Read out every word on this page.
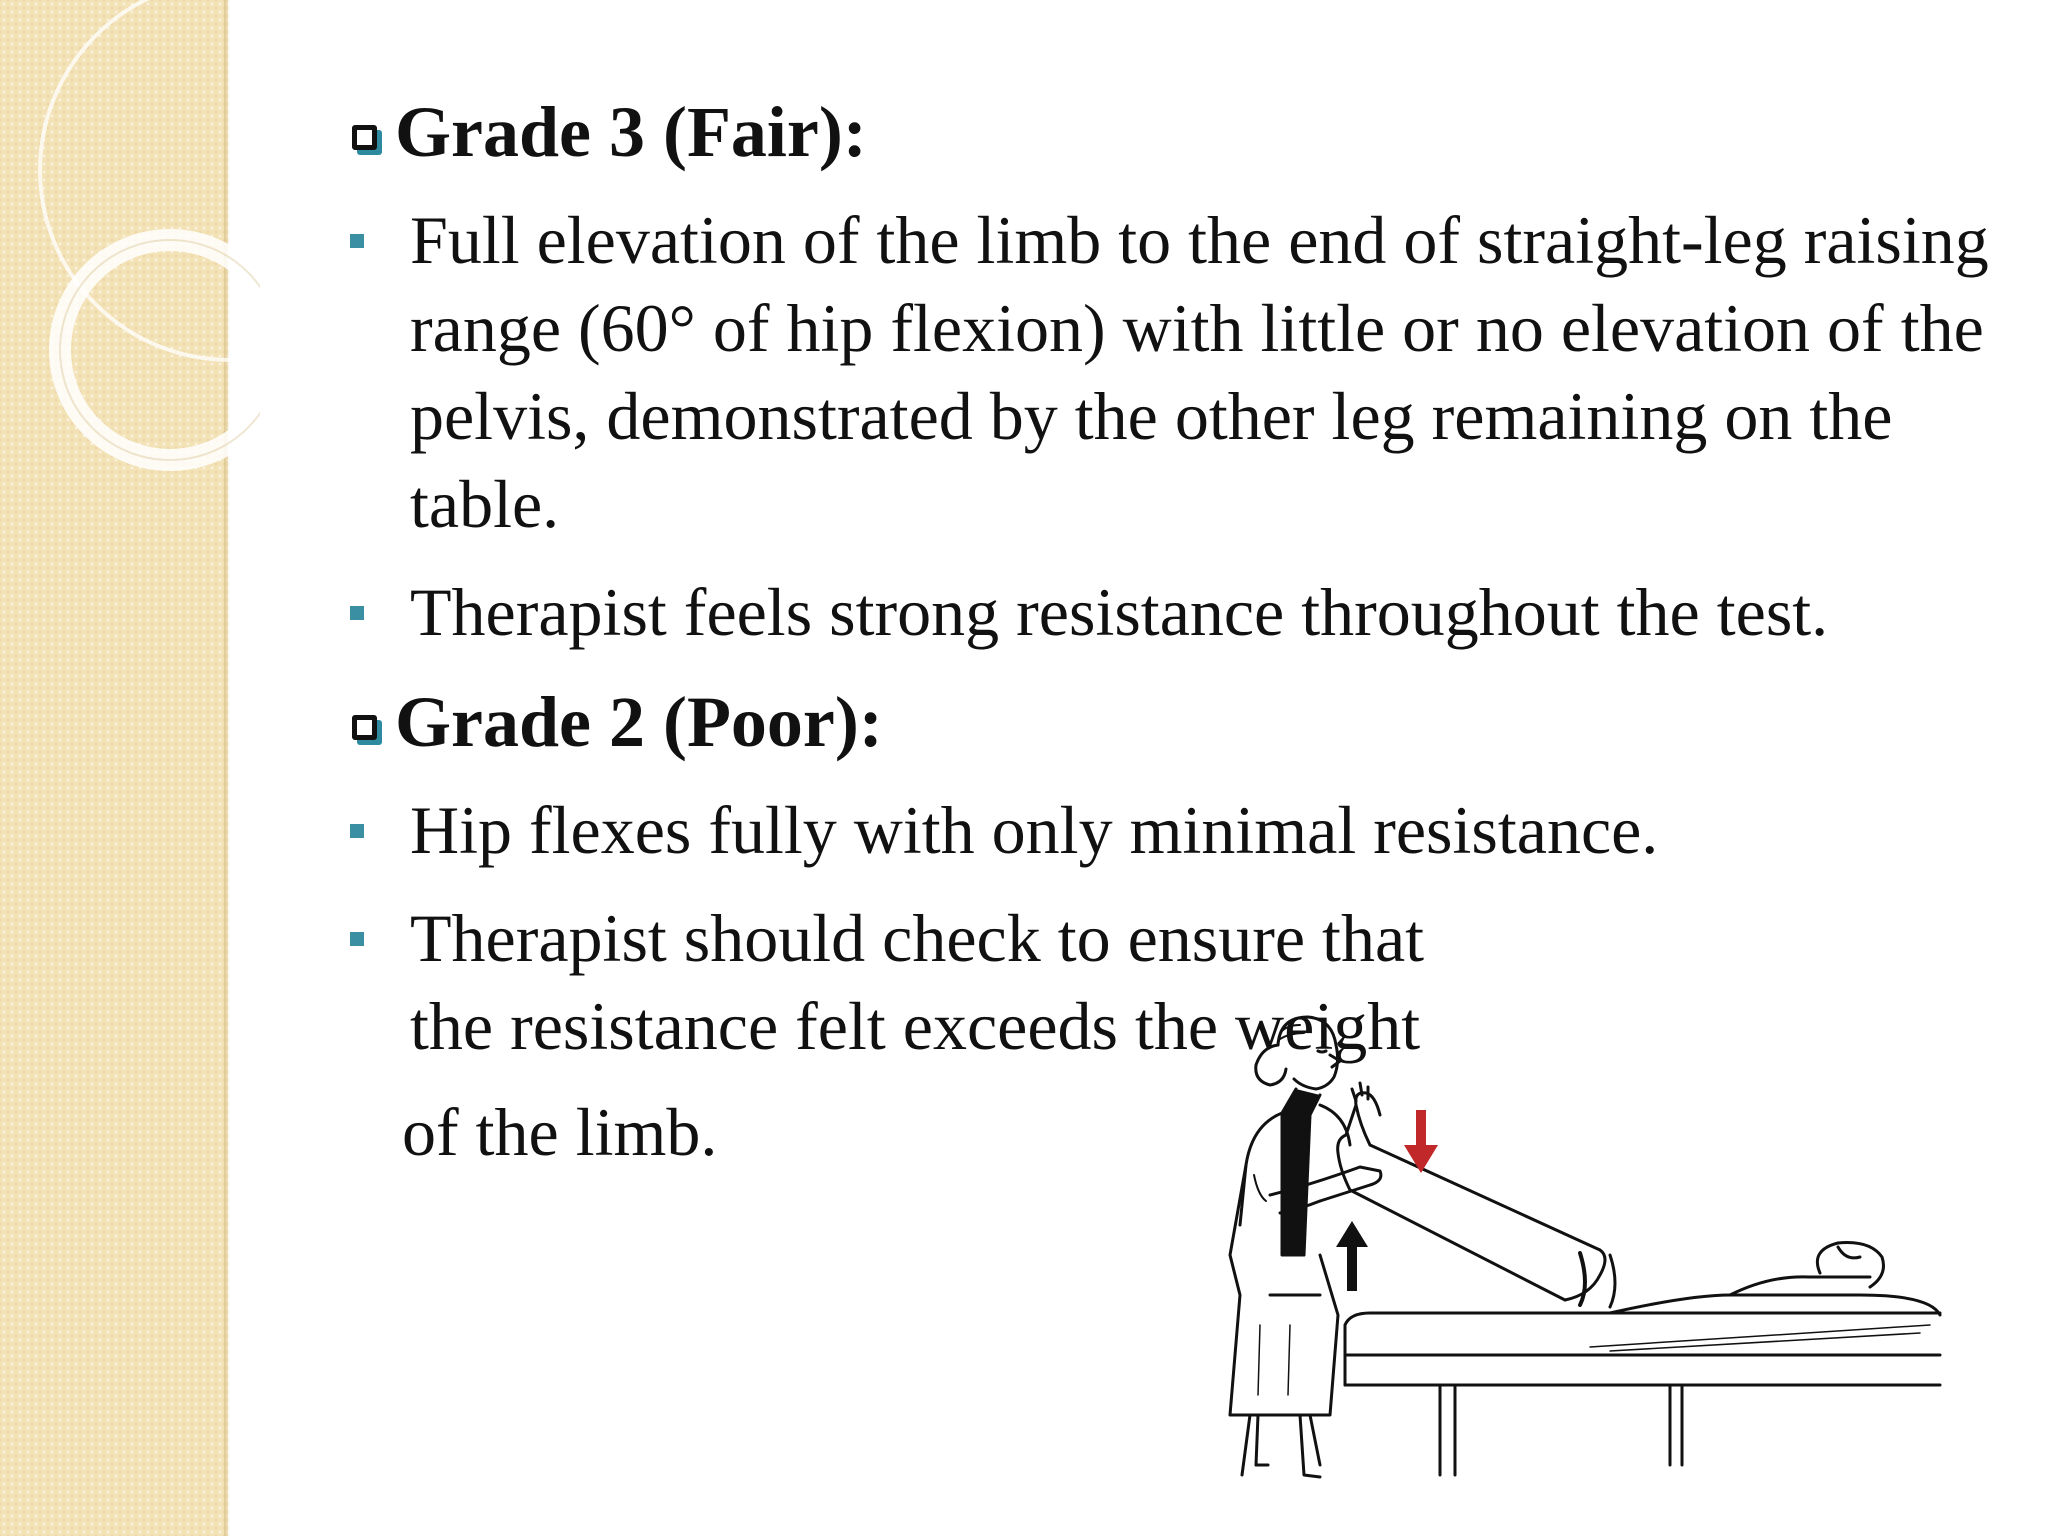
Grade 3 (Fair):
Full elevation of the limb to the end of straight-leg raising range (60° of hip flexion) with little or no elevation of the pelvis, demonstrated by the other leg remaining on the table.
Therapist feels strong resistance throughout the test.
Grade 2 (Poor):
Hip flexes fully with only minimal resistance.
Therapist should check to ensure that the resistance felt exceeds the weight
of the limb.
